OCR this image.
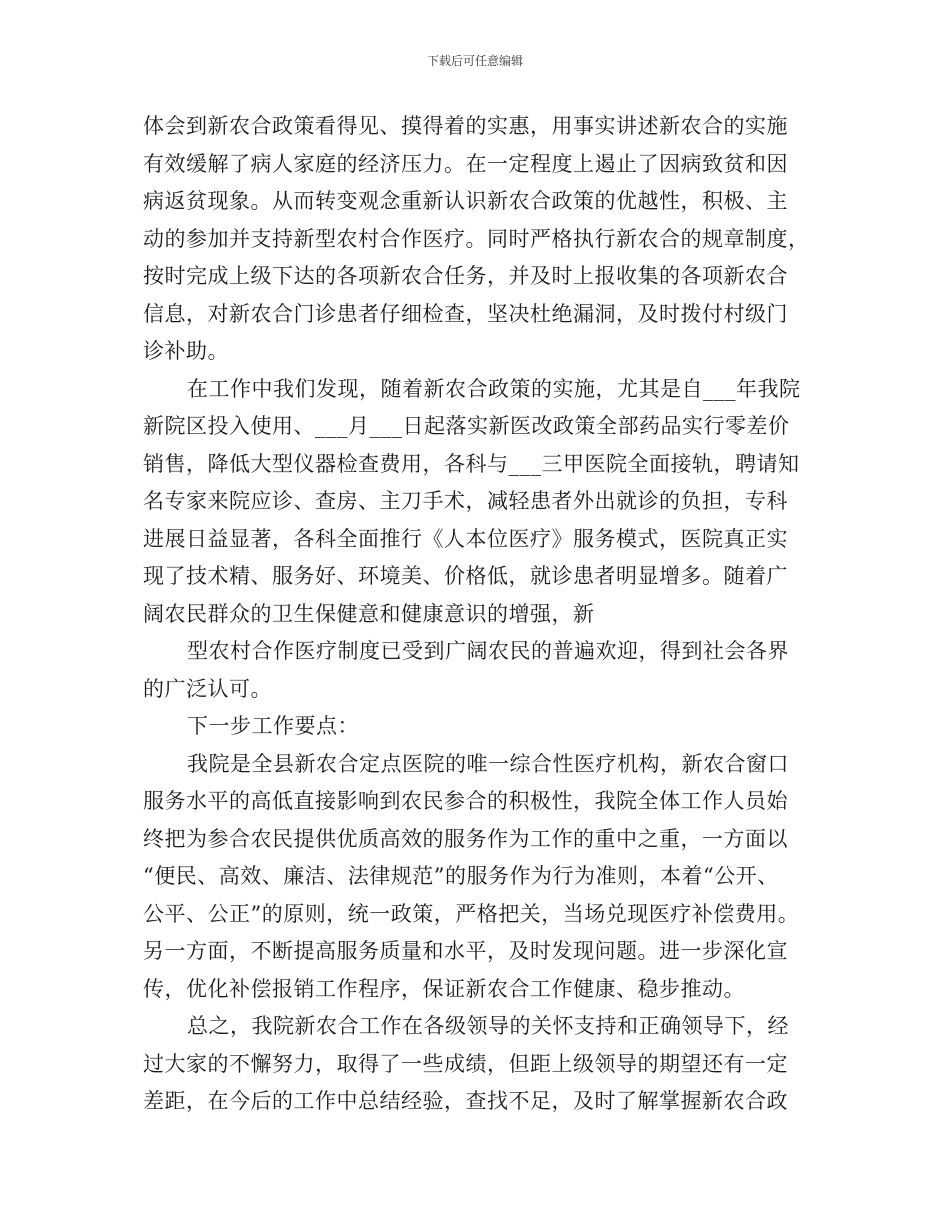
下载后可任意编辑
体会到新农合政策看得见、摸得着的实惠，用事实讲述新农合的实施
有效缓解了病人家庭的经济压力。在一定程度上遏止了因病致贫和因
病返贫现象。从而转变观念重新认识新农合政策的优越性，积极、主
动的参加并支持新型农村合作医疗。同时严格执行新农合的规章制度，
按时完成上级下达的各项新农合任务，并及时上报收集的各项新农合
信息，对新农合门诊患者仔细检查，坚决杜绝漏洞，及时拨付村级门
诊补助。
在工作中我们发现，随着新农合政策的实施，尤其是自___年我院
新院区投入使用、___月___日起落实新医改政策全部药品实行零差价
销售，降低大型仪器检查费用，各科与___三甲医院全面接轨，聘请知
名专家来院应诊、查房、主刀手术，减轻患者外出就诊的负担，专科
进展日益显著，各科全面推行《人本位医疗》服务模式，医院真正实
现了技术精、服务好、环境美、价格低，就诊患者明显增多。随着广
阔农民群众的卫生保健意和健康意识的增强，新
型农村合作医疗制度已受到广阔农民的普遍欢迎，得到社会各界
的广泛认可。
下一步工作要点：
我院是全县新农合定点医院的唯一综合性医疗机构，新农合窗口
服务水平的高低直接影响到农民参合的积极性，我院全体工作人员始
终把为参合农民提供优质高效的服务作为工作的重中之重，一方面以
“便民、高效、廉洁、法律规范”的服务作为行为准则，本着“公开、
公平、公正”的原则，统一政策，严格把关，当场兑现医疗补偿费用。
另一方面，不断提高服务质量和水平，及时发现问题。进一步深化宣
传，优化补偿报销工作程序，保证新农合工作健康、稳步推动。
总之，我院新农合工作在各级领导的关怀支持和正确领导下，经
过大家的不懈努力，取得了一些成绩，但距上级领导的期望还有一定
差距，在今后的工作中总结经验，查找不足，及时了解掌握新农合政
